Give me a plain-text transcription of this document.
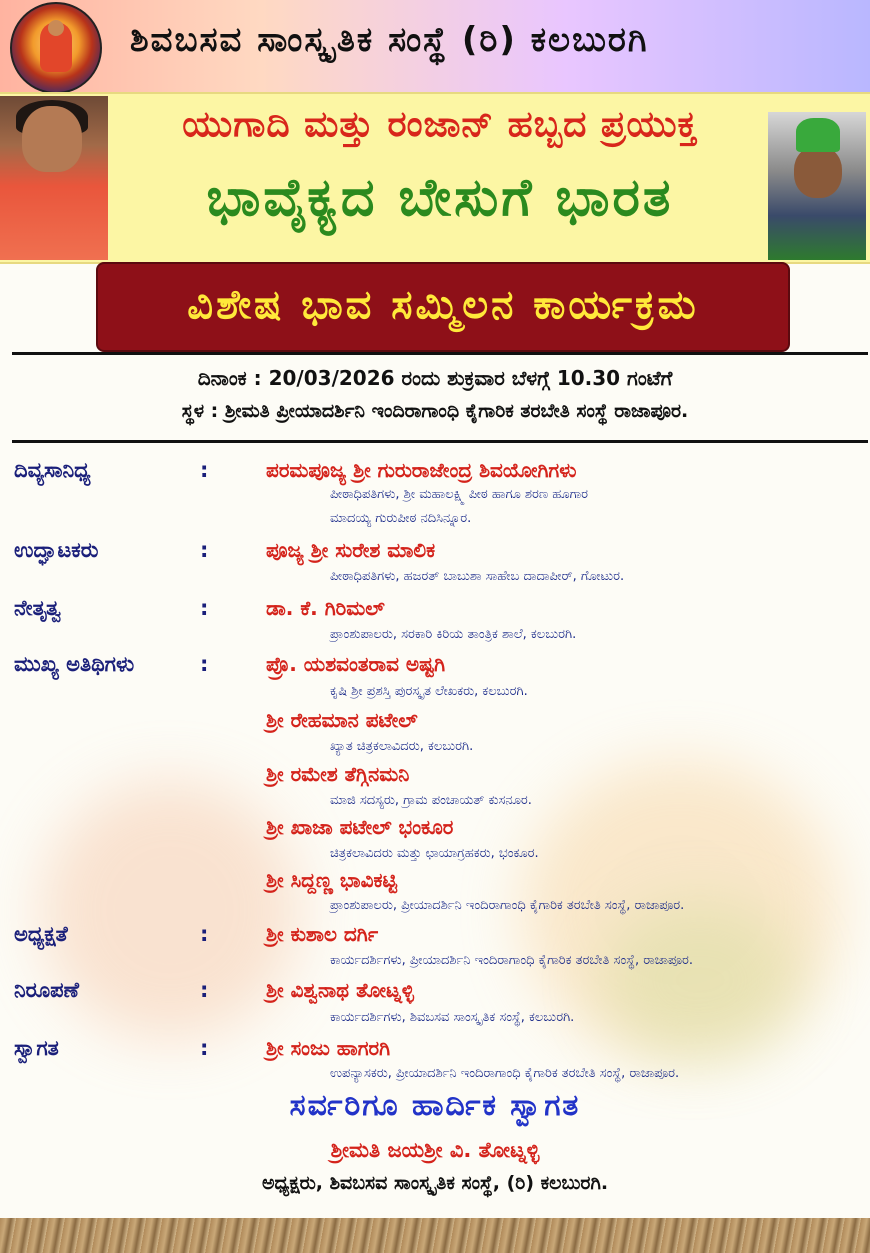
ಶಿವಬಸವ ಸಾಂಸ್ಕೃತಿಕ ಸಂಸ್ಥೆ (ರಿ) ಕಲಬುರಗಿ
ಯುಗಾದಿ ಮತ್ತು ರಂಜಾನ್ ಹಬ್ಬದ ಪ್ರಯುಕ್ತ
ಭಾವೈಕ್ಯದ ಬೇಸುಗೆ ಭಾರತ
ವಿಶೇಷ ಭಾವ ಸಮ್ಮಿಲನ ಕಾರ್ಯಕ್ರಮ
ದಿನಾಂಕ : 20/03/2026 ರಂದು ಶುಕ್ರವಾರ ಬೆಳಗ್ಗೆ 10.30 ಗಂಟೆಗೆ
ಸ್ಥಳ : ಶ್ರೀಮತಿ ಪ್ರೀಯಾದರ್ಶಿನಿ ಇಂದಿರಾಗಾಂಧಿ ಕೈಗಾರಿಕ ತರಬೇತಿ ಸಂಸ್ಥೆ ರಾಜಾಪೂರ.
ದಿವ್ಯಸಾನಿಧ್ಯ	:	ಪರಮಪೂಜ್ಯ ಶ್ರೀ ಗುರುರಾಜೇಂದ್ರ ಶಿವಯೋಗಿಗಳು
ಪೀಠಾಧಿಪತಿಗಳು, ಶ್ರೀ ಮಹಾಲಕ್ಷ್ಮಿ ಪೀಠ ಹಾಗೂ ಶರಣ ಹೂಗಾರ
ಮಾದಯ್ಯ ಗುರುಪೀಠ ನದಿಸಿನ್ನೂರ.
ಉದ್ಘಾಟಕರು	:	ಪೂಜ್ಯ ಶ್ರೀ ಸುರೇಶ ಮಾಲಿಕ
ಪೀಠಾಧಿಪತಿಗಳು, ಹಜರತ್ ಬಾಬುಶಾ ಸಾಹೇಬ ದಾದಾಪೀರ್, ಗೋಟುರ.
ನೇತೃತ್ವ	:	ಡಾ. ಕೆ. ಗಿರಿಮಲ್
ಪ್ರಾಂಶುಪಾಲರು, ಸರಕಾರಿ ಕಿರಿಯ ತಾಂತ್ರಿಕ ಶಾಲೆ, ಕಲಬುರಗಿ.
ಮುಖ್ಯ ಅತಿಥಿಗಳು	:	ಪ್ರೊ. ಯಶವಂತರಾವ ಅಷ್ಟಗಿ
ಕೃಷಿ ಶ್ರೀ ಪ್ರಶಸ್ತಿ ಪುರಸ್ಕೃತ ಲೇಖಕರು, ಕಲಬುರಗಿ.
ಶ್ರೀ ರೇಹಮಾನ ಪಟೇಲ್
ಖ್ಯಾತ ಚಿತ್ರಕಲಾವಿದರು, ಕಲಬುರಗಿ.
ಶ್ರೀ ರಮೇಶ ತೆಗ್ಗಿನಮನಿ
ಮಾಜಿ ಸದಸ್ಯರು, ಗ್ರಾಮ ಪಂಚಾಯತ್ ಕುಸನೂರ.
ಶ್ರೀ ಖಾಜಾ ಪಟೇಲ್ ಭಂಕೂರ
ಚಿತ್ರಕಲಾವಿದರು ಮತ್ತು ಛಾಯಾಗ್ರಹಕರು, ಭಂಕೂರ.
ಶ್ರೀ ಸಿದ್ದಣ್ಣ ಭಾವಿಕಟ್ಟಿ
ಪ್ರಾಂಶುಪಾಲರು, ಪ್ರೀಯಾದರ್ಶಿನಿ ಇಂದಿರಾಗಾಂಧಿ ಕೈಗಾರಿಕ ತರಬೇತಿ ಸಂಸ್ಥೆ, ರಾಜಾಪೂರ.
ಅಧ್ಯಕ್ಷತೆ	:	ಶ್ರೀ ಕುಶಾಲ ದರ್ಗಿ
ಕಾರ್ಯದರ್ಶಿಗಳು, ಪ್ರೀಯಾದರ್ಶಿನಿ ಇಂದಿರಾಗಾಂಧಿ ಕೈಗಾರಿಕ ತರಬೇತಿ ಸಂಸ್ಥೆ, ರಾಜಾಪೂರ.
ನಿರೂಪಣೆ	:	ಶ್ರೀ ವಿಶ್ವನಾಥ ತೋಟ್ನಳ್ಳಿ
ಕಾರ್ಯದರ್ಶಿಗಳು, ಶಿವಬಸವ ಸಾಂಸ್ಕೃತಿಕ ಸಂಸ್ಥೆ, ಕಲಬುರಗಿ.
ಸ್ವಾಗತ	:	ಶ್ರೀ ಸಂಜು ಹಾಗರಗಿ
ಉಪನ್ಯಾಸಕರು, ಪ್ರೀಯಾದರ್ಶಿನಿ ಇಂದಿರಾಗಾಂಧಿ ಕೈಗಾರಿಕ ತರಬೇತಿ ಸಂಸ್ಥೆ, ರಾಜಾಪೂರ.
ಸರ್ವರಿಗೂ ಹಾರ್ದಿಕ ಸ್ವಾಗತ
ಶ್ರೀಮತಿ ಜಯಶ್ರೀ ವಿ. ತೋಟ್ನಳ್ಳಿ
ಅಧ್ಯಕ್ಷರು, ಶಿವಬಸವ ಸಾಂಸ್ಕೃತಿಕ ಸಂಸ್ಥೆ, (ರಿ) ಕಲಬುರಗಿ.
